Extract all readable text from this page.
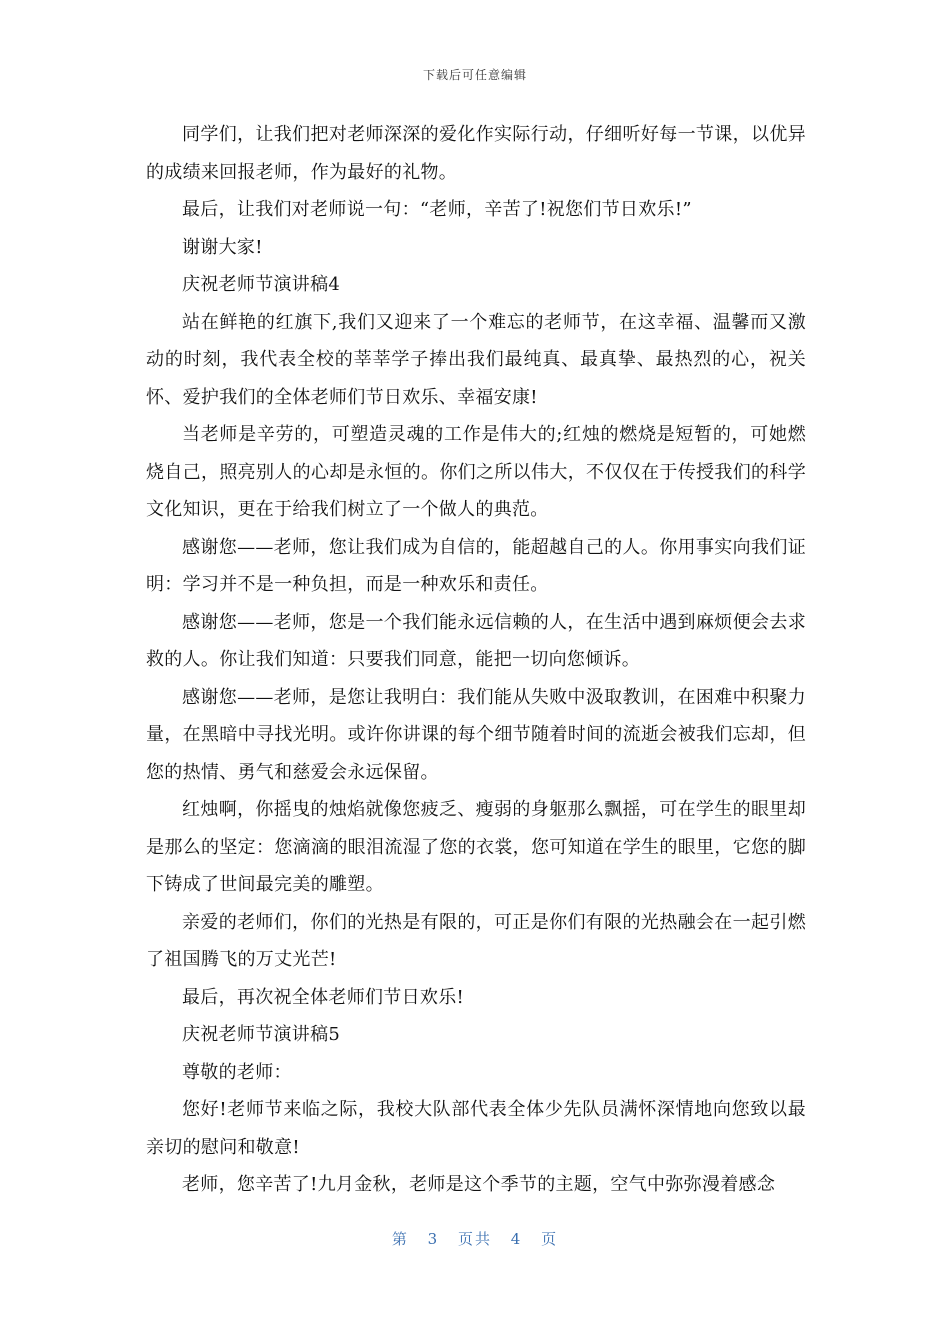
下载后可任意编辑

同学们，让我们把对老师深深的爱化作实际行动，仔细听好每一节课，以优异的成绩来回报老师，作为最好的礼物。

最后，让我们对老师说一句：“老师，辛苦了!祝您们节日欢乐!”

谢谢大家!

庆祝老师节演讲稿4

站在鲜艳的红旗下,我们又迎来了一个难忘的老师节，在这幸福、温馨而又激动的时刻，我代表全校的莘莘学子捧出我们最纯真、最真挚、最热烈的心，祝关怀、爱护我们的全体老师们节日欢乐、幸福安康!

当老师是辛劳的，可塑造灵魂的工作是伟大的;红烛的燃烧是短暂的，可她燃烧自己，照亮别人的心却是永恒的。你们之所以伟大，不仅仅在于传授我们的科学文化知识，更在于给我们树立了一个做人的典范。

感谢您——老师，您让我们成为自信的，能超越自己的人。你用事实向我们证明：学习并不是一种负担，而是一种欢乐和责任。

感谢您——老师，您是一个我们能永远信赖的人，在生活中遇到麻烦便会去求救的人。你让我们知道：只要我们同意，能把一切向您倾诉。

感谢您——老师，是您让我明白：我们能从失败中汲取教训，在困难中积聚力量，在黑暗中寻找光明。或许你讲课的每个细节随着时间的流逝会被我们忘却，但您的热情、勇气和慈爱会永远保留。

红烛啊，你摇曳的烛焰就像您疲乏、瘦弱的身躯那么飘摇，可在学生的眼里却是那么的坚定：您滴滴的眼泪流湿了您的衣裳，您可知道在学生的眼里，它您的脚下铸成了世间最完美的雕塑。

亲爱的老师们，你们的光热是有限的，可正是你们有限的光热融会在一起引燃了祖国腾飞的万丈光芒!

最后，再次祝全体老师们节日欢乐!

庆祝老师节演讲稿5

尊敬的老师：

您好!老师节来临之际，我校大队部代表全体少先队员满怀深情地向您致以最亲切的慰问和敬意!

老师，您辛苦了!九月金秋，老师是这个季节的主题，空气中弥弥漫着感念

第 3 页共 4 页
